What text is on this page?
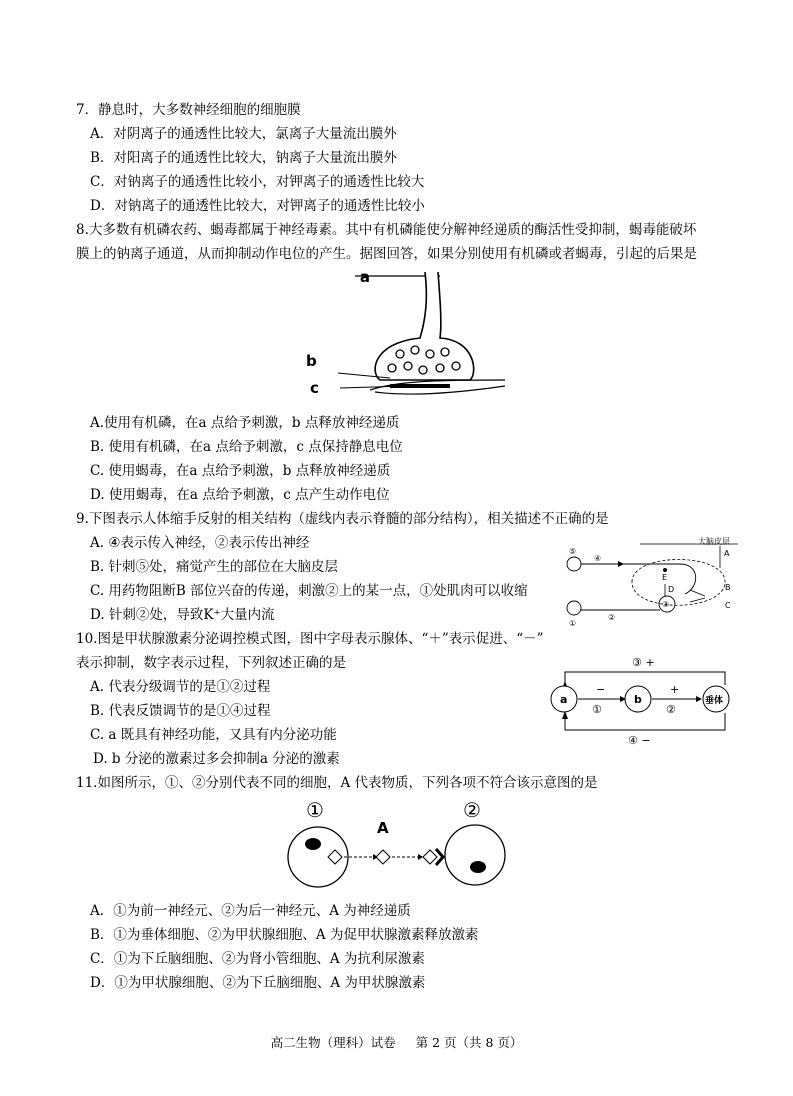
7．静息时，大多数神经细胞的细胞膜
A．对阴离子的通透性比较大，氯离子大量流出膜外
B．对阳离子的通透性比较大，钠离子大量流出膜外
C．对钠离子的通透性比较小，对钾离子的通透性比较大
D．对钠离子的通透性比较大，对钾离子的通透性比较小
8.大多数有机磷农药、蝎毒都属于神经毒素。其中有机磷能使分解神经递质的酶活性受抑制，蝎毒能破坏
膜上的钠离子通道，从而抑制动作电位的产生。据图回答，如果分别使用有机磷或者蝎毒，引起的后果是
a
b
c
A.使用有机磷，在a 点给予刺激，b 点释放神经递质
B. 使用有机磷，在a 点给予刺激，c 点保持静息电位
C. 使用蝎毒，在a 点给予刺激，b 点释放神经递质
D. 使用蝎毒，在a 点给予刺激，c 点产生动作电位
9.下图表示人体缩手反射的相关结构（虚线内表示脊髓的部分结构），相关描述不正确的是
A. ④表示传入神经，②表示传出神经
B. 针刺⑤处，痛觉产生的部位在大脑皮层
C. 用药物阻断B 部位兴奋的传递，刺激②上的某一点，①处肌肉可以收缩
D. 针刺②处，导致K⁺大量内流
大脑皮层
A
⑤
④
E
D
③
B
C
①
②
10.图是甲状腺激素分泌调控模式图，图中字母表示腺体、“＋”表示促进、“－”
表示抑制，数字表示过程，下列叙述正确的是
A. 代表分级调节的是①②过程
B. 代表反馈调节的是①④过程
C. a 既具有神经功能，又具有内分泌功能
D. b 分泌的激素过多会抑制a 分泌的激素
③ +
a
−
①
b
+
②
垂体
④ −
11.如图所示，①、②分别代表不同的细胞，A 代表物质，下列各项不符合该示意图的是
①	②
A
A．①为前一神经元、②为后一神经元、A 为神经递质
B．①为垂体细胞、②为甲状腺细胞、A 为促甲状腺激素释放激素
C．①为下丘脑细胞、②为肾小管细胞、A 为抗利尿激素
D．①为甲状腺细胞、②为下丘脑细胞、A 为甲状腺激素
高二生物（理科）试卷 第 2 页（共 8 页）
